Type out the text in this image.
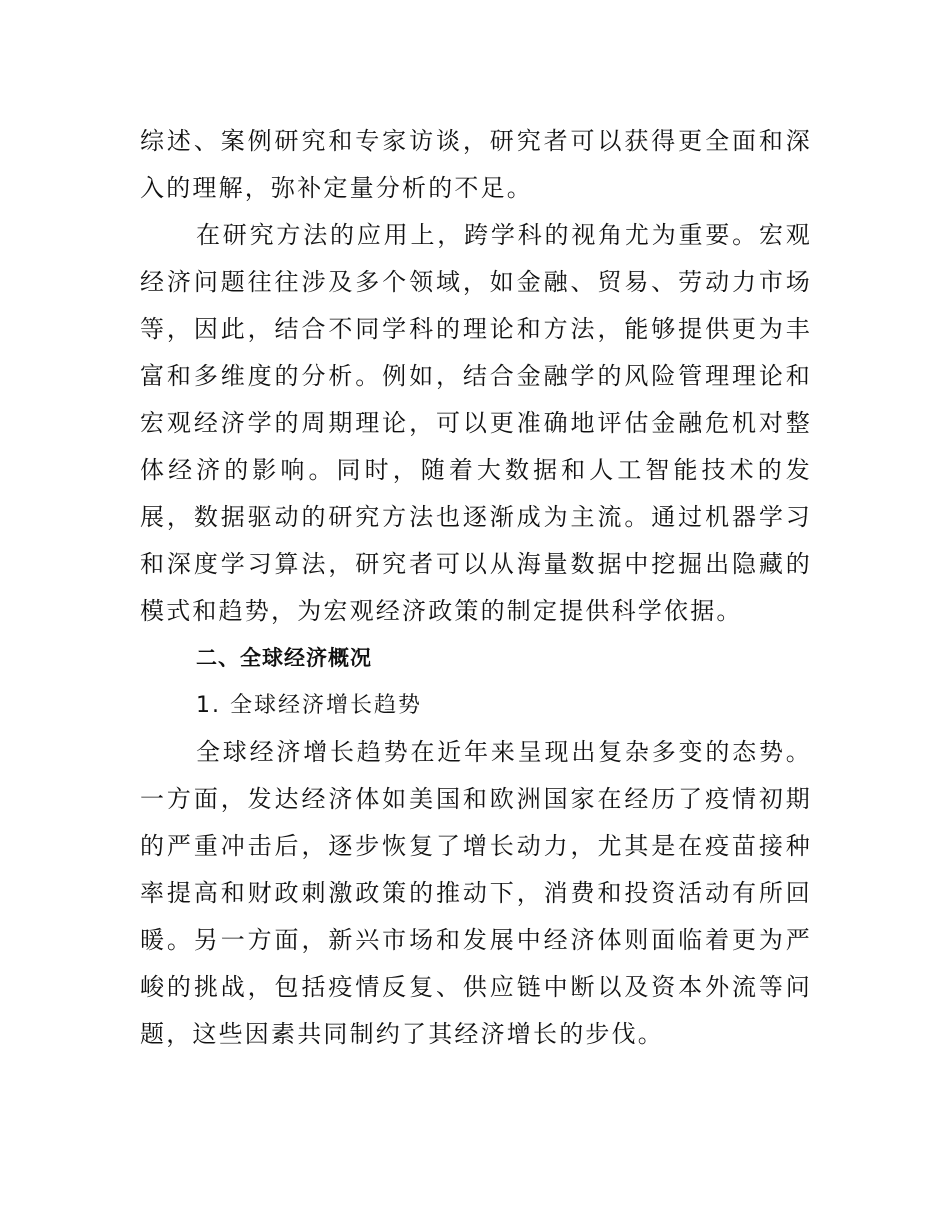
综述、案例研究和专家访谈，研究者可以获得更全面和深入的理解，弥补定量分析的不足。

在研究方法的应用上，跨学科的视角尤为重要。宏观经济问题往往涉及多个领域，如金融、贸易、劳动力市场等，因此，结合不同学科的理论和方法，能够提供更为丰富和多维度的分析。例如，结合金融学的风险管理理论和宏观经济学的周期理论，可以更准确地评估金融危机对整体经济的影响。同时，随着大数据和人工智能技术的发展，数据驱动的研究方法也逐渐成为主流。通过机器学习和深度学习算法，研究者可以从海量数据中挖掘出隐藏的模式和趋势，为宏观经济政策的制定提供科学依据。

二、全球经济概况

1. 全球经济增长趋势

全球经济增长趋势在近年来呈现出复杂多变的态势。一方面，发达经济体如美国和欧洲国家在经历了疫情初期的严重冲击后，逐步恢复了增长动力，尤其是在疫苗接种率提高和财政刺激政策的推动下，消费和投资活动有所回暖。另一方面，新兴市场和发展中经济体则面临着更为严峻的挑战，包括疫情反复、供应链中断以及资本外流等问题，这些因素共同制约了其经济增长的步伐。
